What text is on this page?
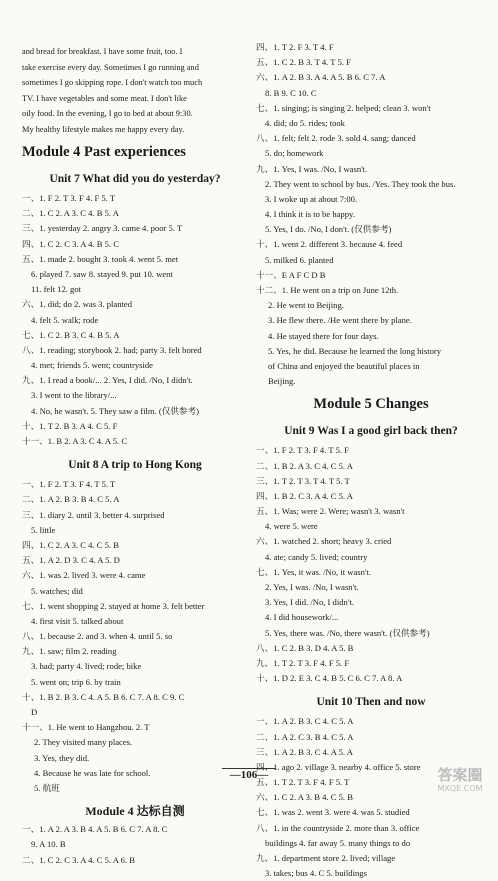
and bread for breakfast. I have some fruit, too. I
take exercise every day. Sometimes I go running and
sometimes I go skipping rope. I don't watch too much
TV. I have vegetables and some meat. I don't like
oily food. In the evening, I go to bed at about 9:30.
My healthy lifestyle makes me happy every day.
Module 4 Past experiences
Unit 7 What did you do yesterday?
一、1. F 2. T 3. F 4. F 5. T
二、1. C 2. A 3. C 4. B 5. A
三、1. yesterday 2. angry 3. came 4. poor 5. T
四、1. C 2. C 3. A 4. B 5. C
五、1. made 2. bought 3. took 4. went 5. met
6. played 7. saw 8. stayed 9. put 10. went
11. felt 12. got
六、1. did; do 2. was 3. planted
4. felt 5. walk; rode
七、1. C 2. B 3. C 4. B 5. A
八、1. reading; storybook 2. had; party 3. felt bored
4. met; friends 5. went; countryside
九、1. I read a book/... 2. Yes, I did. /No, I didn't.
3. I went to the library/...
4. No, he wasn't. 5. They saw a film. (仅供参考)
十、1. T 2. B 3. A 4. C 5. F
十一、1. B 2. A 3. C 4. A 5. C
Unit 8 A trip to Hong Kong
一、1. F 2. T 3. F 4. T 5. T
二、1. A 2. B 3. B 4. C 5. A
三、1. diary 2. until 3. better 4. surprised
5. little
四、1. C 2. A 3. C 4. C 5. B
五、1. A 2. D 3. C 4. A 5. D
六、1. was 2. lived 3. were 4. came
5. watches; did
七、1. went shopping 2. stayed at home 3. felt better
4. first visit 5. talked about
八、1. because 2. and 3. when 4. until 5. so
九、1. saw; film 2. reading
3. had; party 4. lived; rode; bike
5. went on; trip 6. by train
十、1. B 2. B 3. C 4. A 5. B 6. C 7. A 8. C 9. C
D
十一、1. He went to Hangzhou. 2. T
2. They visited many places.
3. Yes, they did.
4. Because he was late for school.
5. 航班
Module 4 达标自测
一、1. A 2. A 3. B 4. A 5. B 6. C 7. A 8. C
9. A 10. B
二、1. C 2. C 3. A 4. C 5. A 6. B
四、1. T 2. F 3. T 4. F
五、1. C 2. B 3. T 4. T 5. F
六、1. A 2. B 3. A 4. A 5. B 6. C 7. A
8. B 9. C 10. C
七、1. singing; is singing 2. helped; clean 3. won't
4. did; do 5. rides; took
八、1. felt; felt 2. rode 3. sold 4. sang; danced
5. do; homework
九、1. Yes, I was. /No, I wasn't.
2. They went to school by bus. /Yes. They took the bus.
3. I woke up at about 7:00.
4. I think it is to be happy.
5. Yes, I do. /No, I don't. (仅供参考)
十、1. went 2. different 3. because 4. feed
5. milked 6. planted
十一、E A F C D B
十二、1. He went on a trip on June 12th.
2. He went to Beijing.
3. He flew there. /He went there by plane.
4. He stayed there for four days.
5. Yes, he did. Because he learned the long history
of China and enjoyed the beautiful places in
Beijing.
Module 5 Changes
Unit 9 Was I a good girl back then?
一、1. F 2. T 3. F 4. T 5. F
二、1. B 2. A 3. C 4. C 5. A
三、1. T 2. T 3. T 4. T 5. T
四、1. B 2. C 3. A 4. C 5. A
五、1. Was; were 2. Were; wasn't 3. wasn't
4. were 5. were
六、1. watched 2. short; heavy 3. cried
4. ate; candy 5. lived; country
七、1. Yes, it was. /No, it wasn't.
2. Yes, I was. /No, I wasn't.
3. Yes, I did. /No, I didn't.
4. I did housework/...
5. Yes, there was. /No, there wasn't. (仅供参考)
八、1. C 2. B 3. D 4. A 5. B
九、1. T 2. T 3. F 4. F 5. F
十、1. D 2. E 3. C 4. B 5. C 6. C 7. A 8. A
Unit 10 Then and now
一、1. A 2. B 3. C 4. C 5. A
二、1. A 2. C 3. B 4. C 5. A
三、1. A 2. B 3. C 4. A 5. A
四、1. ago 2. village 3. nearby 4. office 5. store
五、1. T 2. T 3. F 4. F 5. T
六、1. C 2. A 3. B 4. C 5. B
七、1. was 2. went 3. were 4. was 5. studied
八、1. in the countryside 2. more than 3. office
buildings 4. far away 5. many things to do
九、1. department store 2. lived; village
3. takes; bus 4. C 5. buildings
—106—	答案圈
MXQE.COM
